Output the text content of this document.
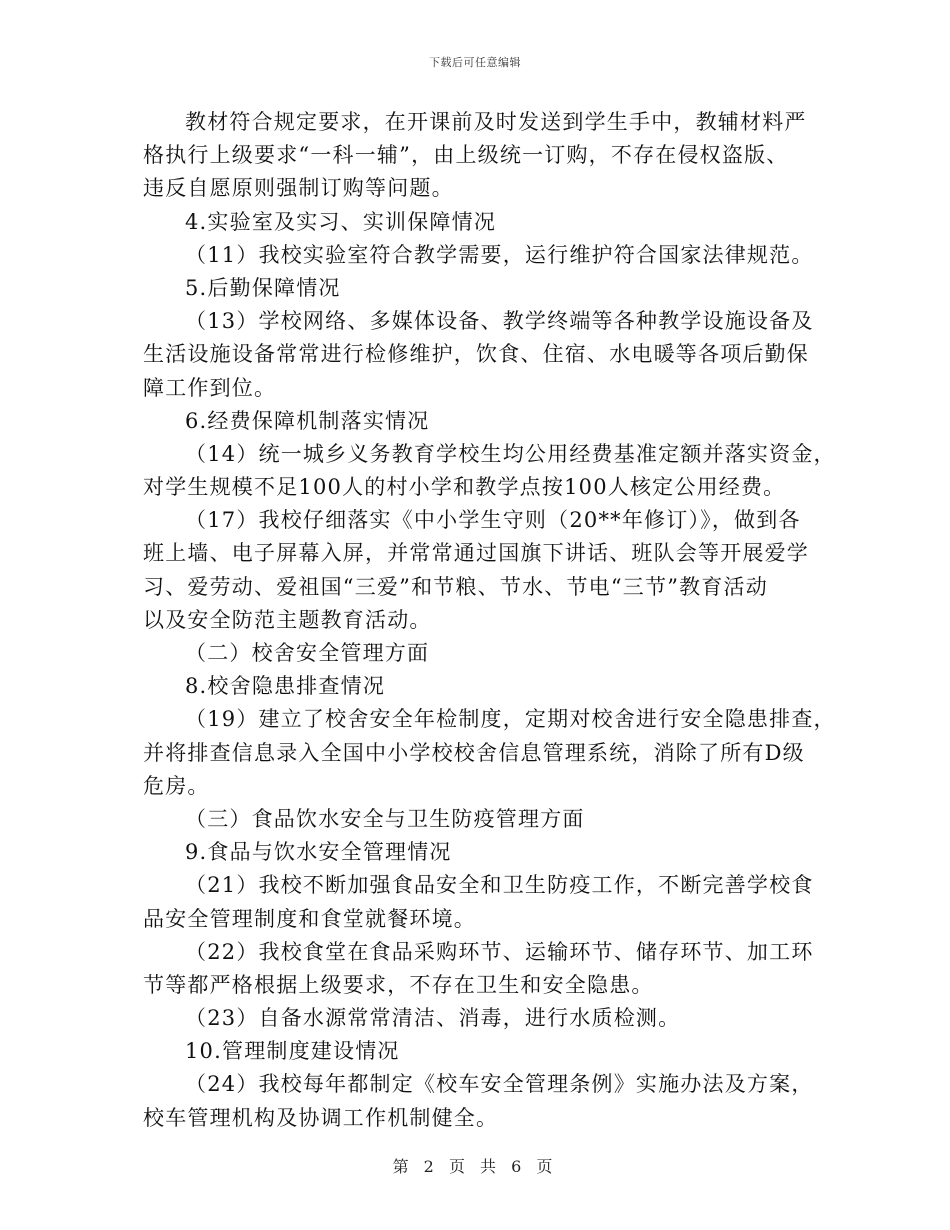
下载后可任意编辑
教材符合规定要求，在开课前及时发送到学生手中，教辅材料严
格执行上级要求“一科一辅”，由上级统一订购，不存在侵权盗版、
违反自愿原则强制订购等问题。
4.实验室及实习、实训保障情况
（11）我校实验室符合教学需要，运行维护符合国家法律规范。
5.后勤保障情况
（13）学校网络、多媒体设备、教学终端等各种教学设施设备及
生活设施设备常常进行检修维护，饮食、住宿、水电暖等各项后勤保
障工作到位。
6.经费保障机制落实情况
（14）统一城乡义务教育学校生均公用经费基准定额并落实资金，
对学生规模不足100人的村小学和教学点按100人核定公用经费。
（17）我校仔细落实《中小学生守则（20**年修订）》，做到各
班上墙、电子屏幕入屏，并常常通过国旗下讲话、班队会等开展爱学
习、爱劳动、爱祖国“三爱”和节粮、节水、节电“三节”教育活动
以及安全防范主题教育活动。
（二）校舍安全管理方面
8.校舍隐患排查情况
（19）建立了校舍安全年检制度，定期对校舍进行安全隐患排查，
并将排查信息录入全国中小学校校舍信息管理系统，消除了所有D级
危房。
（三）食品饮水安全与卫生防疫管理方面
9.食品与饮水安全管理情况
（21）我校不断加强食品安全和卫生防疫工作，不断完善学校食
品安全管理制度和食堂就餐环境。
（22）我校食堂在食品采购环节、运输环节、储存环节、加工环
节等都严格根据上级要求，不存在卫生和安全隐患。
（23）自备水源常常清洁、消毒，进行水质检测。
10.管理制度建设情况
（24）我校每年都制定《校车安全管理条例》实施办法及方案，
校车管理机构及协调工作机制健全。
第 2 页 共 6 页
